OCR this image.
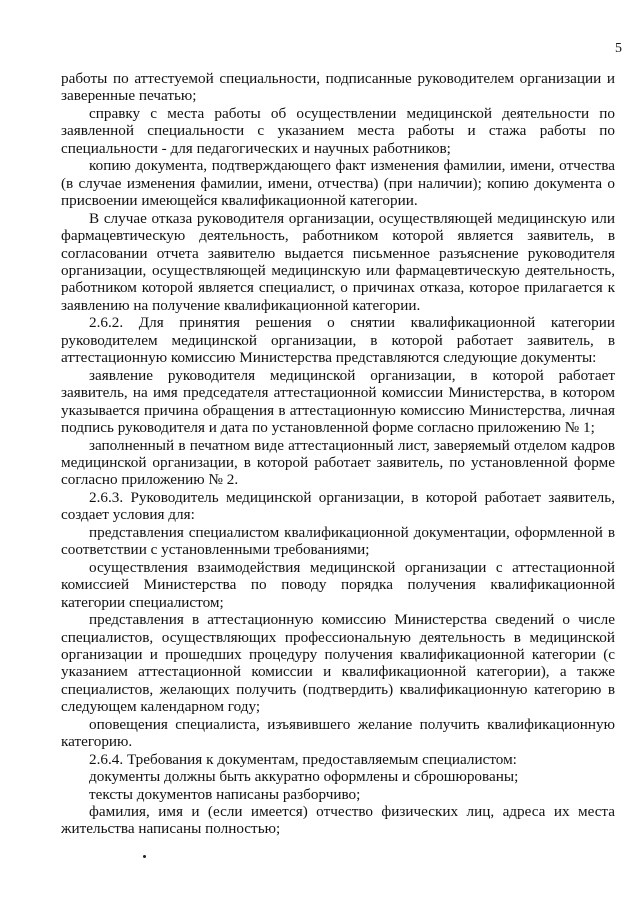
5

работы по аттестуемой специальности, подписанные руководителем организации и заверенные печатью;

справку с места работы об осуществлении медицинской деятельности по заявленной специальности с указанием места работы и стажа работы по специальности - для педагогических и научных работников;

копию документа, подтверждающего факт изменения фамилии, имени, отчества (в случае изменения фамилии, имени, отчества) (при наличии); копию документа о присвоении имеющейся квалификационной категории.

В случае отказа руководителя организации, осуществляющей медицинскую или фармацевтическую деятельность, работником которой является заявитель, в согласовании отчета заявителю выдается письменное разъяснение руководителя организации, осуществляющей медицинскую или фармацевтическую деятельность, работником которой является специалист, о причинах отказа, которое прилагается к заявлению на получение квалификационной категории.

2.6.2. Для принятия решения о снятии квалификационной категории руководителем медицинской организации, в которой работает заявитель, в аттестационную комиссию Министерства представляются следующие документы:

заявление руководителя медицинской организации, в которой работает заявитель, на имя председателя аттестационной комиссии Министерства, в котором указывается причина обращения в аттестационную комиссию Министерства, личная подпись руководителя и дата по установленной форме согласно приложению № 1;

заполненный в печатном виде аттестационный лист, заверяемый отделом кадров медицинской организации, в которой работает заявитель, по установленной форме согласно приложению № 2.

2.6.3. Руководитель медицинской организации, в которой работает заявитель, создает условия для:

представления специалистом квалификационной документации, оформленной в соответствии с установленными требованиями;

осуществления взаимодействия медицинской организации с аттестационной комиссией Министерства по поводу порядка получения квалификационной категории специалистом;

представления в аттестационную комиссию Министерства сведений о числе специалистов, осуществляющих профессиональную деятельность в медицинской организации и прошедших процедуру получения квалификационной категории (с указанием аттестационной комиссии и квалификационной категории), а также специалистов, желающих получить (подтвердить) квалификационную категорию в следующем календарном году;

оповещения специалиста, изъявившего желание получить квалификационную категорию.

2.6.4. Требования к документам, предоставляемым специалистом:

документы должны быть аккуратно оформлены и сброшюрованы;

тексты документов написаны разборчиво;

фамилия, имя и (если имеется) отчество физических лиц, адреса их места жительства написаны полностью;
